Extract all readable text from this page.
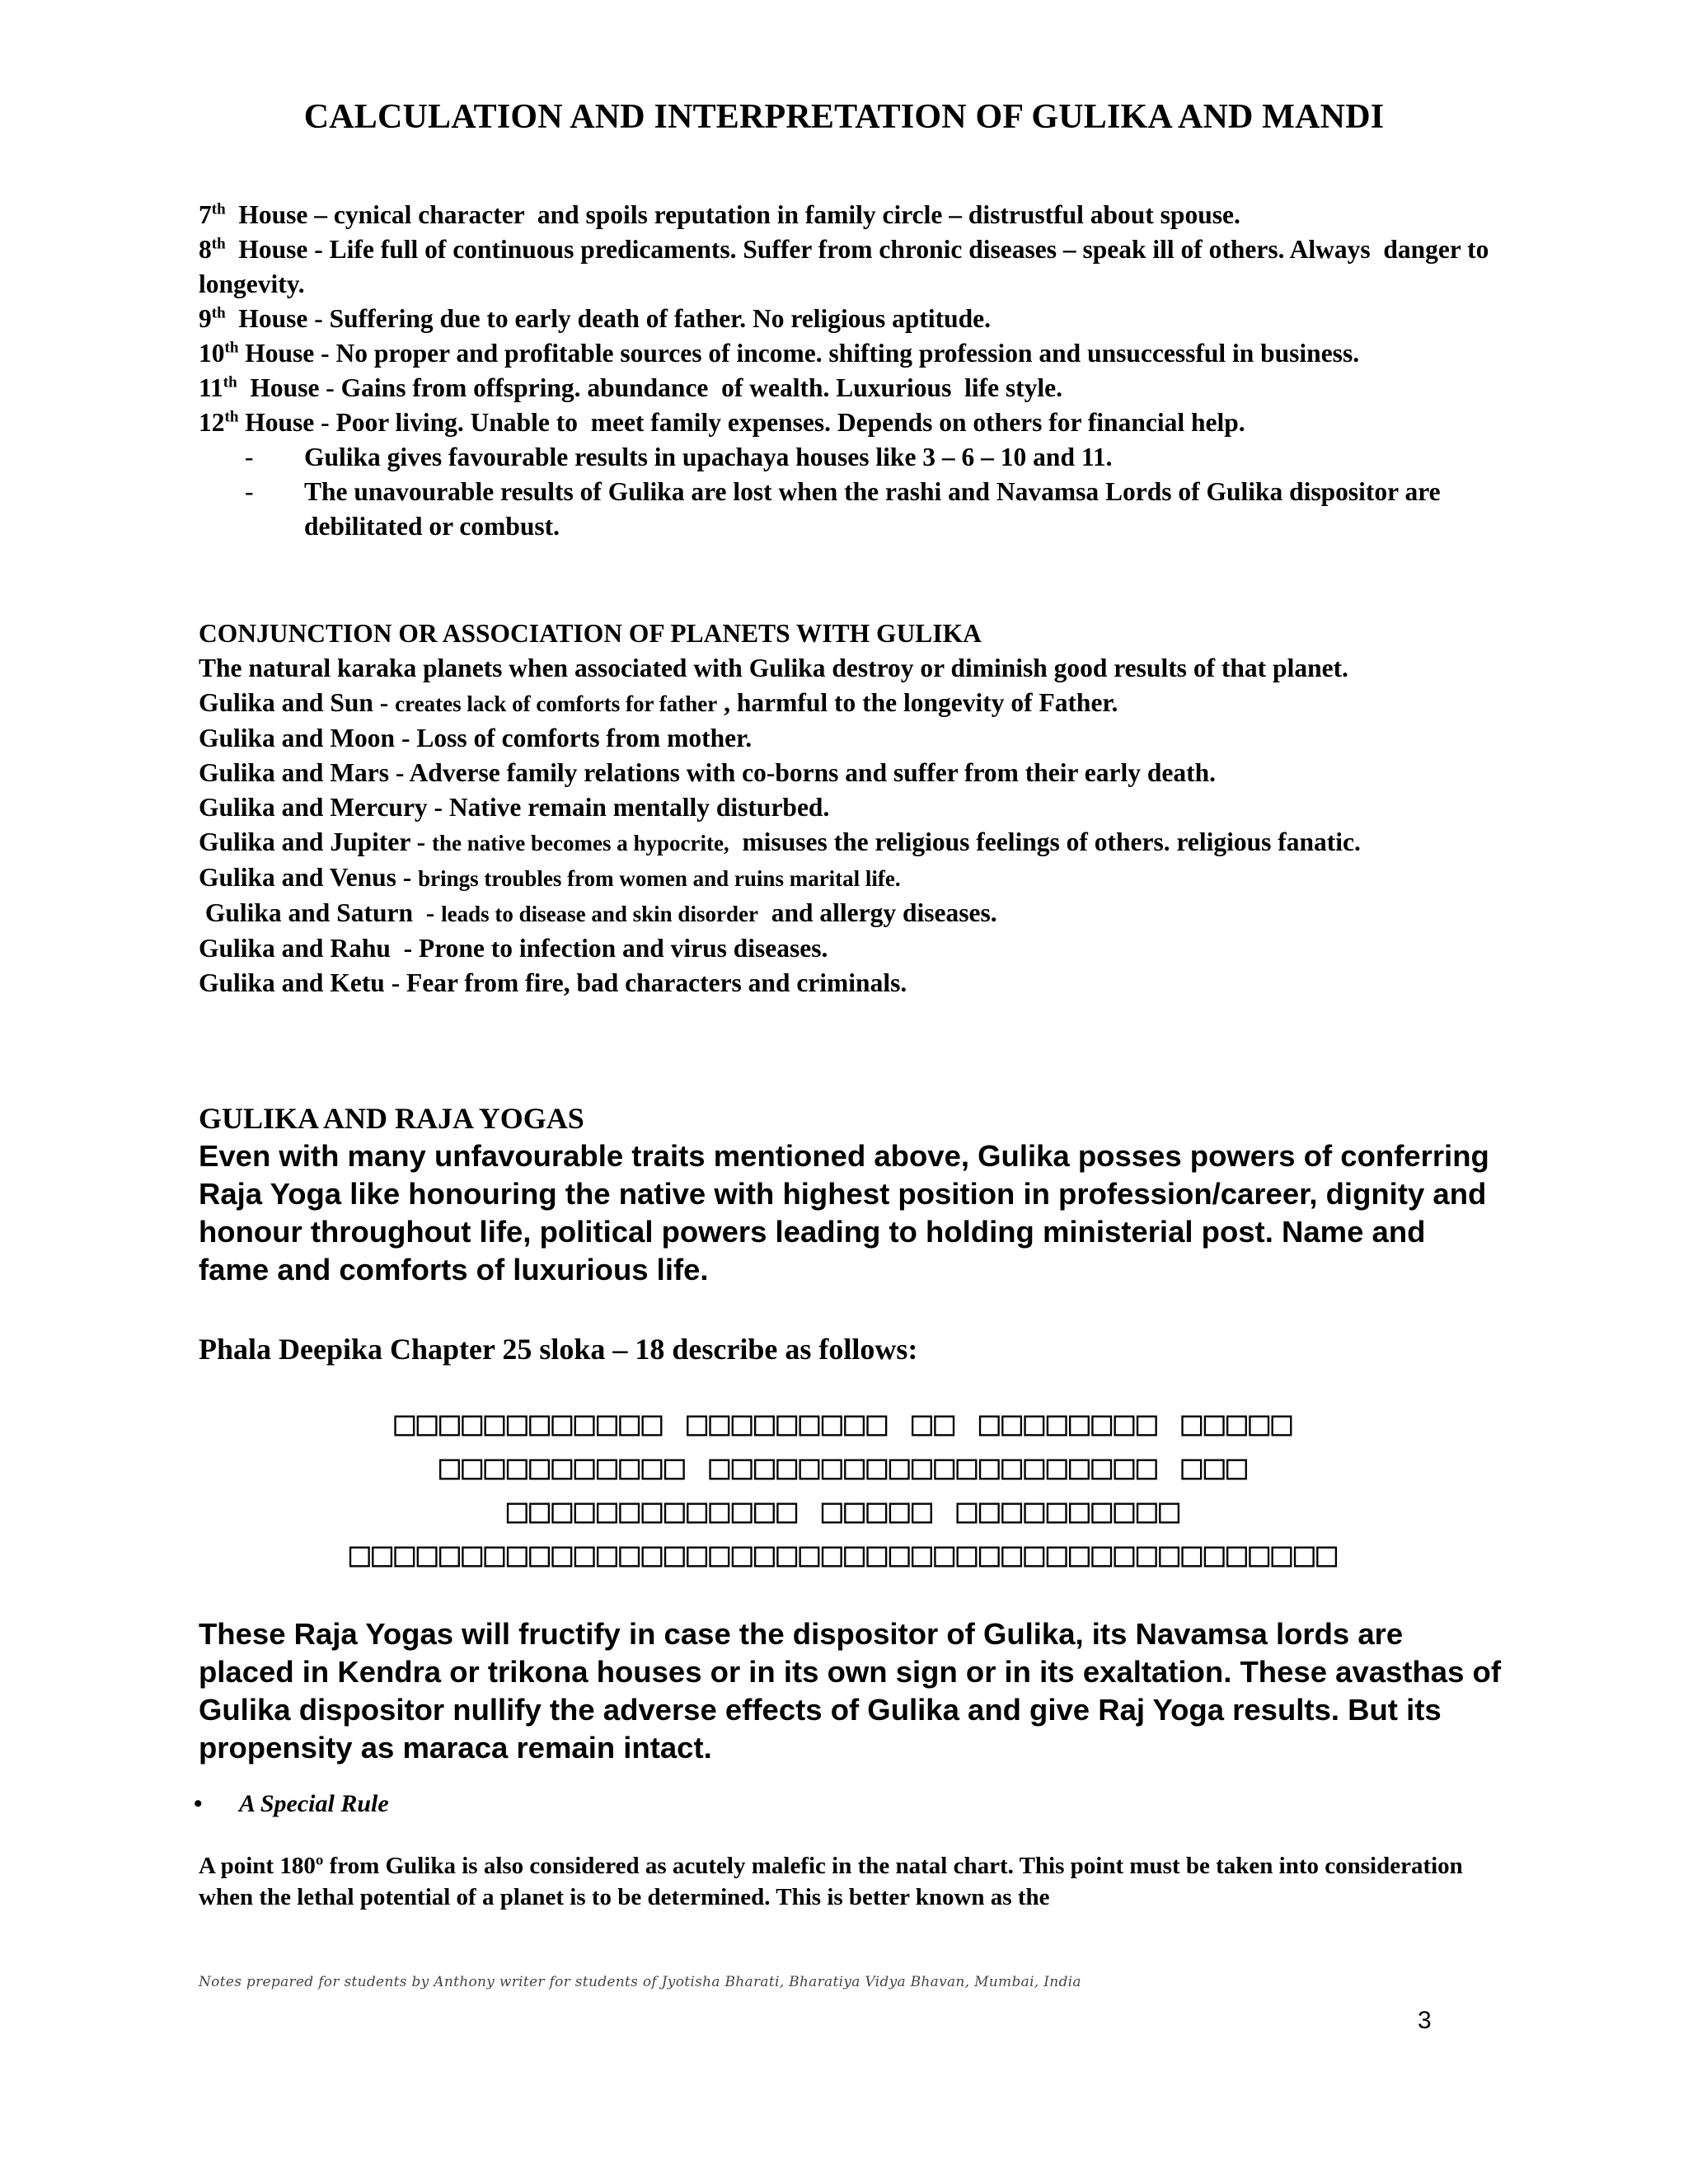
CALCULATION AND INTERPRETATION OF GULIKA AND MANDI

7th  House – cynical character  and spoils reputation in family circle – distrustful about spouse.

8th  House - Life full of continuous predicaments. Suffer from chronic diseases – speak ill of others. Always  danger to longevity.

9th  House - Suffering due to early death of father. No religious aptitude.

10th House - No proper and profitable sources of income. shifting profession and unsuccessful in business.

11th  House - Gains from offspring. abundance  of wealth. Luxurious  life style.

12th House - Poor living. Unable to  meet family expenses. Depends on others for financial help.

- Gulika gives favourable results in upachaya houses like 3 – 6 – 10 and 11.
- The unavourable results of Gulika are lost when the rashi and Navamsa Lords of Gulika dispositor are debilitated or combust.

CONJUNCTION OR ASSOCIATION OF PLANETS WITH GULIKA

The natural karaka planets when associated with Gulika destroy or diminish good results of that planet.

Gulika and Sun - creates lack of comforts for father , harmful to the longevity of Father.

Gulika and Moon - Loss of comforts from mother.

Gulika and Mars - Adverse family relations with co-borns and suffer from their early death.

Gulika and Mercury - Native remain mentally disturbed.

Gulika and Jupiter - the native becomes a hypocrite,  misuses the religious feelings of others. religious fanatic.

Gulika and Venus - brings troubles from women and ruins marital life.

Gulika and Saturn  - leads to disease and skin disorder  and allergy diseases.

Gulika and Rahu  - Prone to infection and virus diseases.

Gulika and Ketu - Fear from fire, bad characters and criminals.

GULIKA AND RAJA YOGAS

Even with many unfavourable traits mentioned above, Gulika posses powers of conferring Raja Yoga like honouring the native with highest position in profession/career, dignity and honour throughout life, political powers leading to holding ministerial post. Name and fame and comforts of luxurious life.

Phala Deepika Chapter 25 sloka – 18 describe as follows:
□□□□□□□□□□□□ □□□□□□□□□ □□ □□□□□□□□ □□□□□
□□□□□□□□□□□ □□□□□□□□□□□□□□□□□□□□ □□□
□□□□□□□□□□□□□ □□□□□ □□□□□□□□□□
□□□□□□□□□□□□□□□□□□□□□□□□□□□□□□□□□□□□□□□□□□□□
These Raja Yogas will fructify in case the dispositor of Gulika, its Navamsa lords are placed in Kendra or trikona houses or in its own sign or in its exaltation. These avasthas of Gulika dispositor nullify the adverse effects of Gulika and give Raj Yoga results. But its propensity as maraca remain intact.
• A Special Rule
A point 180º from Gulika is also considered as acutely malefic in the natal chart. This point must be taken into consideration when the lethal potential of a planet is to be determined. This is better known as the
Notes prepared for students by Anthony writer for students of Jyotisha Bharati, Bharatiya Vidya Bhavan, Mumbai, India
3
